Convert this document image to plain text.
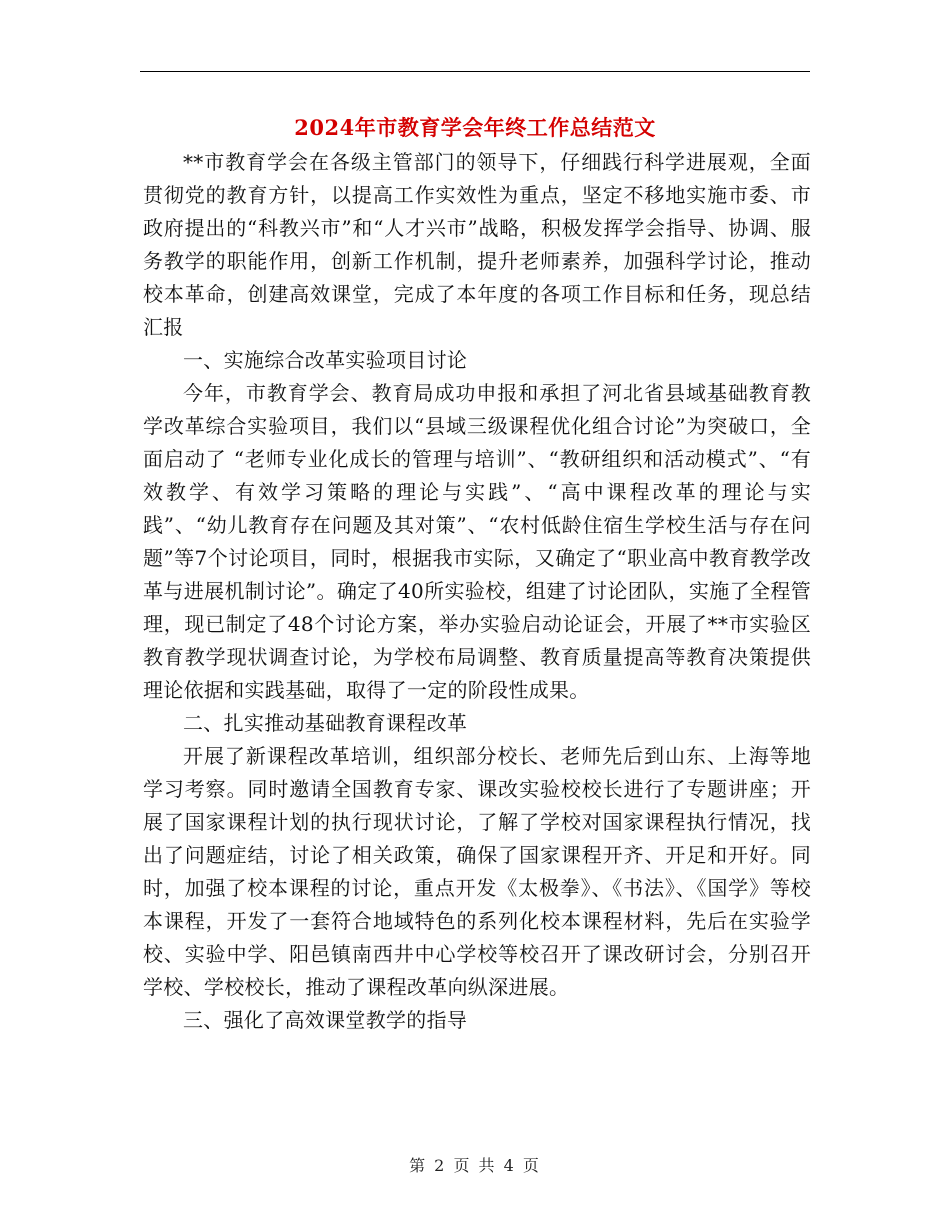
2024年市教育学会年终工作总结范文

**市教育学会在各级主管部门的领导下，仔细践行科学进展观，全面贯彻党的教育方针，以提高工作实效性为重点，坚定不移地实施市委、市政府提出的“科教兴市”和“人才兴市”战略，积极发挥学会指导、协调、服务教学的职能作用，创新工作机制，提升老师素养，加强科学讨论，推动校本革命，创建高效课堂，完成了本年度的各项工作目标和任务，现总结汇报

一、实施综合改革实验项目讨论

今年，市教育学会、教育局成功申报和承担了河北省县域基础教育教学改革综合实验项目，我们以“县域三级课程优化组合讨论”为突破口，全面启动了 “老师专业化成长的管理与培训”、“教研组织和活动模式”、“有效教学、有效学习策略的理论与实践”、“高中课程改革的理论与实践”、“幼儿教育存在问题及其对策”、“农村低龄住宿生学校生活与存在问题”等7个讨论项目，同时，根据我市实际，又确定了“职业高中教育教学改革与进展机制讨论”。确定了40所实验校，组建了讨论团队，实施了全程管理，现已制定了48个讨论方案，举办实验启动论证会，开展了**市实验区教育教学现状调查讨论，为学校布局调整、教育质量提高等教育决策提供理论依据和实践基础，取得了一定的阶段性成果。

二、扎实推动基础教育课程改革

开展了新课程改革培训，组织部分校长、老师先后到山东、上海等地学习考察。同时邀请全国教育专家、课改实验校校长进行了专题讲座；开展了国家课程计划的执行现状讨论，了解了学校对国家课程执行情况，找出了问题症结，讨论了相关政策，确保了国家课程开齐、开足和开好。同时，加强了校本课程的讨论，重点开发《太极拳》、《书法》、《国学》等校本课程，开发了一套符合地域特色的系列化校本课程材料，先后在实验学校、实验中学、阳邑镇南西井中心学校等校召开了课改研讨会，分别召开学校、学校校长，推动了课程改革向纵深进展。

三、强化了高效课堂教学的指导

第 2 页 共 4 页
